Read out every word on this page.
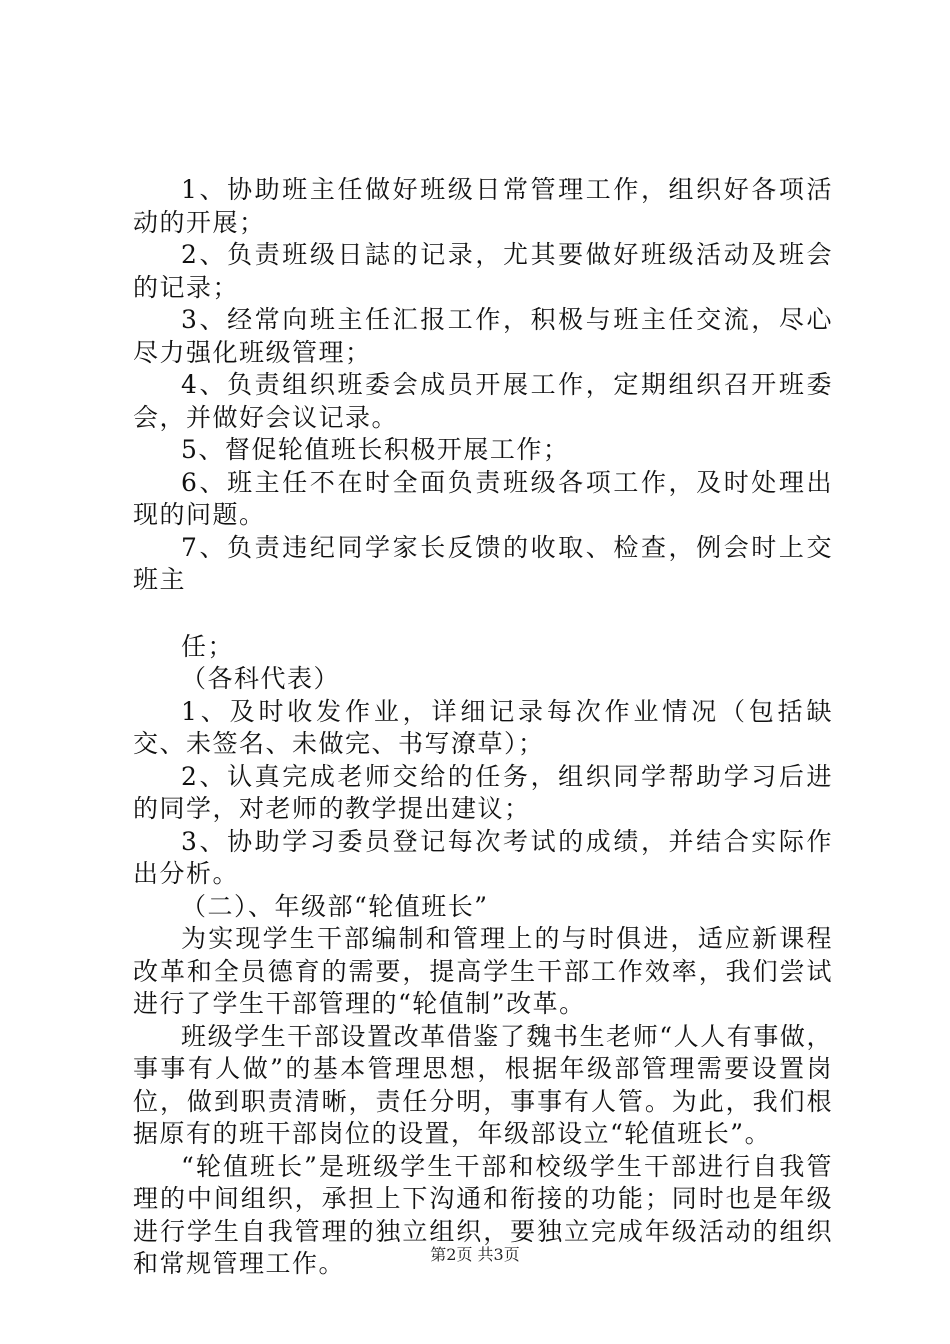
1、协助班主任做好班级日常管理工作，组织好各项活动的开展；

2、负责班级日誌的记录，尤其要做好班级活动及班会的记录；

3、经常向班主任汇报工作，积极与班主任交流，尽心尽力强化班级管理；

4、负责组织班委会成员开展工作，定期组织召开班委会，并做好会议记录。

5、督促轮值班长积极开展工作；

6、班主任不在时全面负责班级各项工作，及时处理出现的问题。

7、负责违纪同学家长反馈的收取、检查，例会时上交班主

任；

（各科代表）

1、及时收发作业，详细记录每次作业情况（包括缺交、未签名、未做完、书写潦草）；

2、认真完成老师交给的任务，组织同学帮助学习后进的同学，对老师的教学提出建议；

3、协助学习委员登记每次考试的成绩，并结合实际作出分析。

（二）、年级部“轮值班长”

为实现学生干部编制和管理上的与时俱进，适应新课程改革和全员德育的需要，提高学生干部工作效率，我们尝试进行了学生干部管理的“轮值制”改革。

班级学生干部设置改革借鉴了魏书生老师“人人有事做，事事有人做”的基本管理思想，根据年级部管理需要设置岗位，做到职责清晰，责任分明，事事有人管。为此，我们根据原有的班干部岗位的设置，年级部设立“轮值班长”。

“轮值班长”是班级学生干部和校级学生干部进行自我管理的中间组织，承担上下沟通和衔接的功能；同时也是年级进行学生自我管理的独立组织，要独立完成年级活动的组织和常规管理工作。	第2页 共3页
